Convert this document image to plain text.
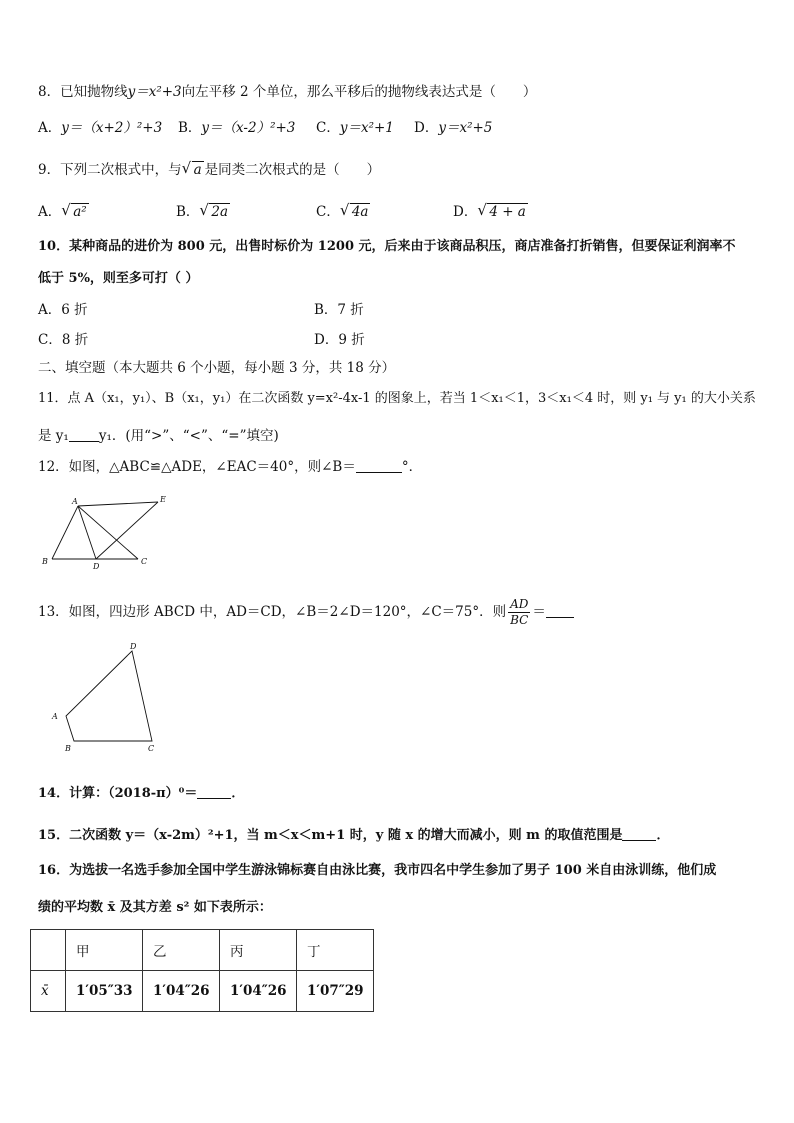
8．已知抛物线y＝x²+3向左平移 2 个单位，那么平移后的抛物线表达式是（　　）
A．y＝（x+2）²+3 B．y＝（x-2）²+3 C．y＝x²+1 D．y＝x²+5
9．下列二次根式中，与 √ a 是同类二次根式的是（　　）
A． √ a²	B． √ 2a	C． √ 4a	D． √ 4 + a
10．某种商品的进价为 800 元，出售时标价为 1200 元，后来由于该商品积压，商店准备打折销售，但要保证利润率不
低于 5%，则至多可打（ ）
A．6 折	B．7 折
C．8 折	D．9 折
二、填空题（本大题共 6 个小题，每小题 3 分，共 18 分）
11．点 A（x₁，y₁）、B（x₁，y₁）在二次函数 y=x²-4x-1 的图象上，若当 1＜x₁＜1，3＜x₁＜4 时，则 y₁ 与 y₁ 的大小关系
是 y₁ y₁．(用“>”、“<”、“=”填空)
12．如图，△ABC≌△ADE，∠EAC＝40°，则∠B＝	°．
A	E
B
D
C
13．如图，四边形 ABCD 中，AD＝CD，∠B＝2∠D＝120°，∠C＝75°．则 $\frac{AD}{BC}$ ＝
D
A
B	C
14．计算：（2018-π）⁰＝	．
15．二次函数 y＝（x-2m）²+1，当 m＜x＜m+1 时，y 随 x 的增大而减小，则 m 的取值范围是	．
16．为选拔一名选手参加全国中学生游泳锦标赛自由泳比赛，我市四名中学生参加了男子 100 米自由泳训练，他们成
绩的平均数 x̄ 及其方差 s² 如下表所示：
	甲	乙	丙	丁
x̄	1′05″33	1′04″26	1′04″26	1′07″29
